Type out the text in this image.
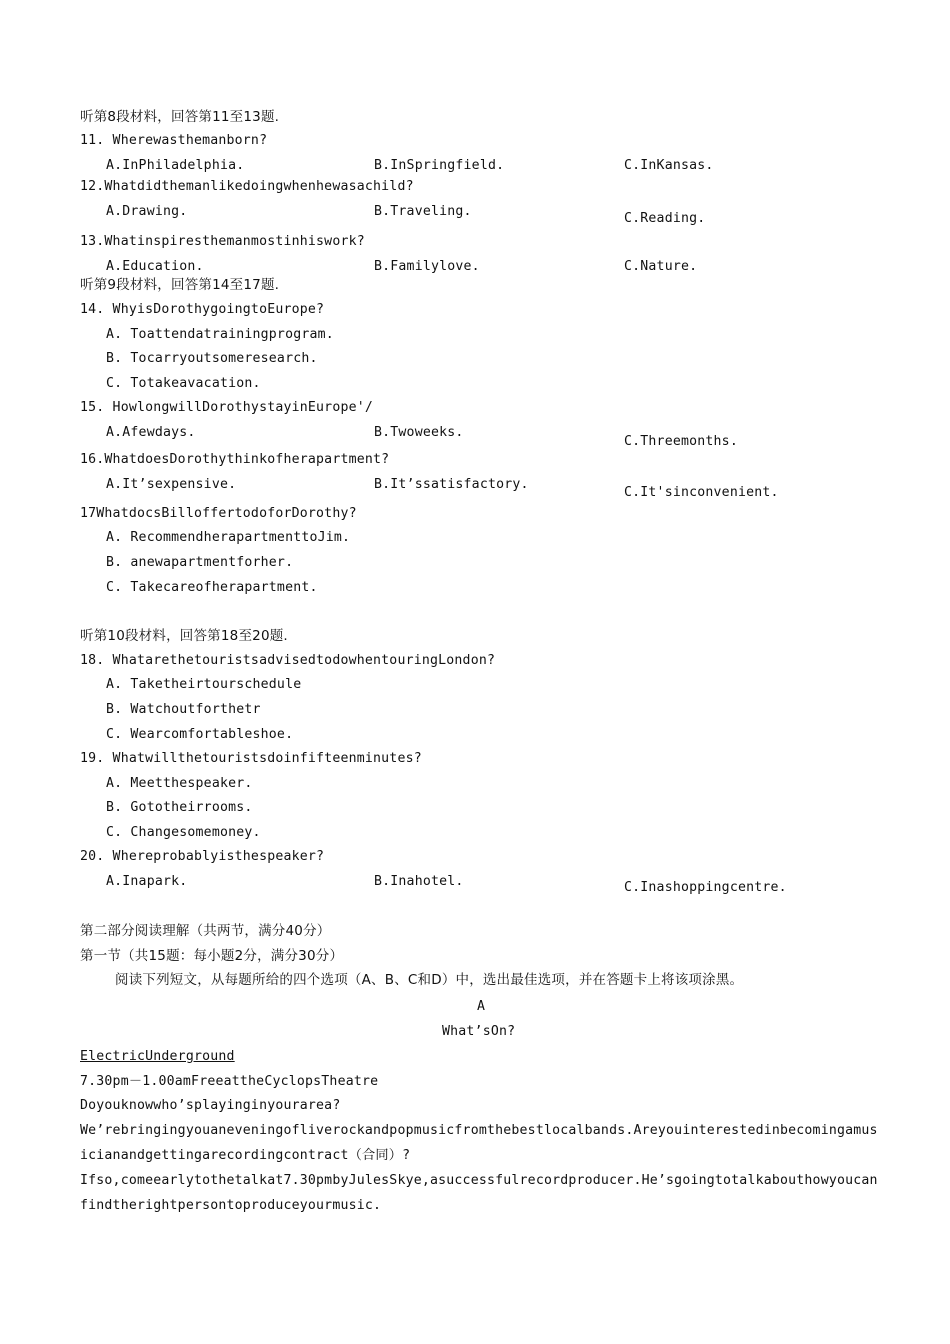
听第8段材料，回答第11至13题.
11. Wherewasthemanborn?
A.InPhiladelphia.	B.InSpringfield.	C.InKansas.
12.Whatdidthemanlikedoingwhenhewasachild?
A.Drawing.	B.Traveling.	C.Reading.
13.Whatinspiresthemanmostinhiswork?
A.Education.	B.Familylove.	C.Nature.
听第9段材料，回答第14至17题.
14. WhyisDorothygoingtoEurope?
A. Toattendatrainingprogram.
B. Tocarryoutsomeresearch.
C. Totakeavacation.
15. HowlongwillDorothystayinEurope'/
A.Afewdays.	B.Twoweeks.
C.Threemonths.
16.WhatdoesDorothythinkofherapartment?
A.It’sexpensive.	B.It’ssatisfactory.
C.It'sinconvenient.
17WhatdocsBilloffertodoforDorothy?
A. RecommendherapartmenttoJim.
B. anewapartmentforher.
C. Takecareofherapartment.
听第10段材料，回答第18至20题.
18. WhatarethetouristsadvisedtodowhentouringLondon?
A. Taketheirtourschedule
B. Watchoutforthetr
C. Wearcomfortableshoe.
19. Whatwillthetouristsdoinfifteenminutes?
A. Meetthespeaker.
B. Gototheirrooms.
C. Changesomemoney.
20. Whereprobablyisthespeaker?
A.Inapark.	B.Inahotel.	C.Inashoppingcentre.
第二部分阅读理解（共两节，满分40分）
第一节（共15题：每小题2分，满分30分）
阅读下列短文，从每题所给的四个选项（A、B、C和D）中，选出最佳选项，并在答题卡上将该项涂黑。
A
What’sOn?
ElectricUnderground
7.30pm－1.00amFreeattheCyclopsTheatre
Doyouknowwho’splayinginyourarea?
We’rebringingyouaneveningofliverockandpopmusicfromthebestlocalbands.Areyouinterestedinbecomingamusicianandgettingarecordingcontract（合同）?
Ifso,comeearlytothetalkat7.30pmbyJulesSkye,asuccessfulrecordproducer.He’sgoingtotalkabouthowyoucanfindtherightpersontoproduceyourmusic.
